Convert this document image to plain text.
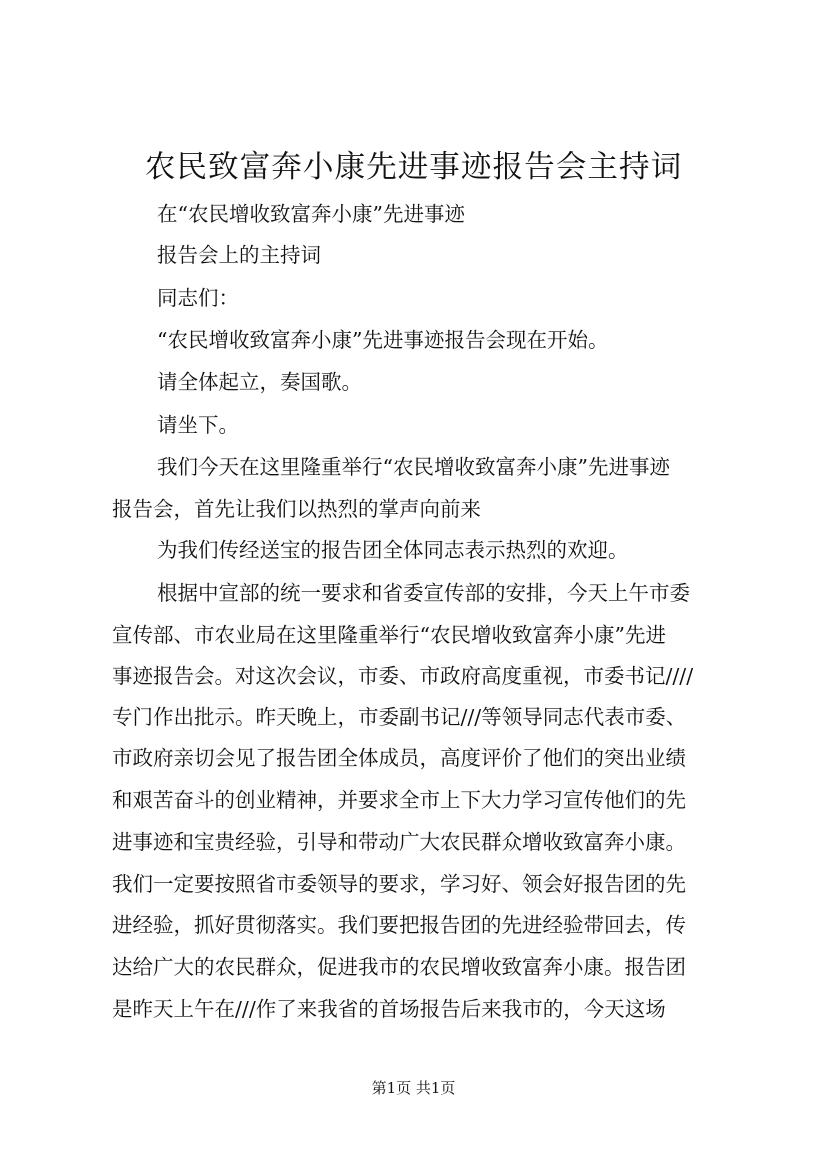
农民致富奔小康先进事迹报告会主持词
在“农民增收致富奔小康”先进事迹
报告会上的主持词
同志们：
“农民增收致富奔小康”先进事迹报告会现在开始。
请全体起立，奏国歌。
请坐下。
我们今天在这里隆重举行“农民增收致富奔小康”先进事迹
报告会，首先让我们以热烈的掌声向前来
为我们传经送宝的报告团全体同志表示热烈的欢迎。
根据中宣部的统一要求和省委宣传部的安排，今天上午市委
宣传部、市农业局在这里隆重举行“农民增收致富奔小康”先进
事迹报告会。对这次会议，市委、市政府高度重视，市委书记////
专门作出批示。昨天晚上，市委副书记///等领导同志代表市委、
市政府亲切会见了报告团全体成员，高度评价了他们的突出业绩
和艰苦奋斗的创业精神，并要求全市上下大力学习宣传他们的先
进事迹和宝贵经验，引导和带动广大农民群众增收致富奔小康。
我们一定要按照省市委领导的要求，学习好、领会好报告团的先
进经验，抓好贯彻落实。我们要把报告团的先进经验带回去，传
达给广大的农民群众，促进我市的农民增收致富奔小康。报告团
是昨天上午在///作了来我省的首场报告后来我市的，今天这场
第1页 共1页
